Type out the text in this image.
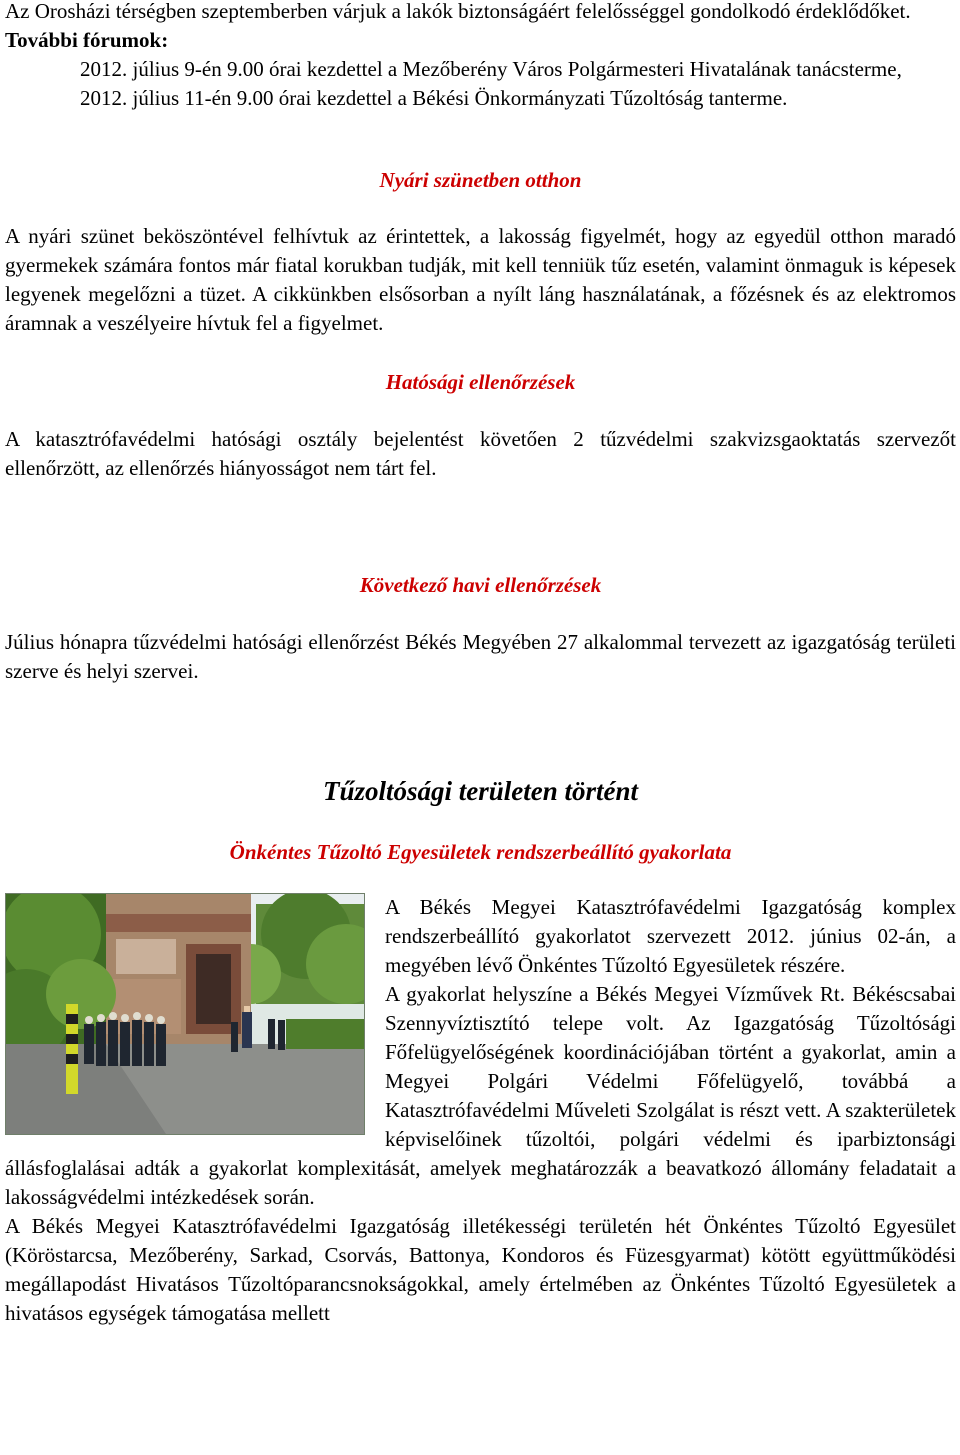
Az Orosházi térségben szeptemberben várjuk a lakók biztonságáért felelősséggel gondolkodó érdeklődőket.

További fórumok:

2012. július 9-én 9.00 órai kezdettel a Mezőberény Város Polgármesteri Hivatalának tanácsterme,

2012. július 11-én 9.00 órai kezdettel a Békési Önkormányzati Tűzoltóság tanterme.

Nyári szünetben otthon

A nyári szünet beköszöntével felhívtuk az érintettek, a lakosság figyelmét, hogy az egyedül otthon maradó gyermekek számára fontos már fiatal korukban tudják, mit kell tenniük tűz esetén, valamint önmaguk is képesek legyenek megelőzni a tüzet. A cikkünkben elsősorban a nyílt láng használatának, a főzésnek és az elektromos áramnak a veszélyeire hívtuk fel a figyelmet.

Hatósági ellenőrzések

A katasztrófavédelmi hatósági osztály bejelentést követően 2 tűzvédelmi szakvizsgaoktatás szervezőt ellenőrzött, az ellenőrzés hiányosságot nem tárt fel.

Következő havi ellenőrzések

Július hónapra tűzvédelmi hatósági ellenőrzést Békés Megyében 27 alkalommal tervezett az igazgatóság területi szerve és helyi szervei.

Tűzoltósági területen történt
Önkéntes Tűzoltó Egyesületek rendszerbeállító gyakorlata

A Békés Megyei Katasztrófavédelmi Igazgatóság komplex rendszerbeállító gyakorlatot szervezett 2012. június 02-án, a megyében lévő Önkéntes Tűzoltó Egyesületek részére.

A gyakorlat helyszíne a Békés Megyei Vízművek Rt. Békéscsabai Szennyvíztisztító telepe volt. Az Igazgatóság Tűzoltósági Főfelügyelőségének koordinációjában történt a gyakorlat, amin a Megyei Polgári Védelmi Főfelügyelő, továbbá a Katasztrófavédelmi Műveleti Szolgálat is részt vett. A szakterületek képviselőinek tűzoltói, polgári védelmi és iparbiztonsági állásfoglalásai adták a gyakorlat komplexitását, amelyek meghatározzák a beavatkozó állomány feladatait a lakosságvédelmi intézkedések során.

A Békés Megyei Katasztrófavédelmi Igazgatóság illetékességi területén hét Önkéntes Tűzoltó Egyesület (Köröstarcsa, Mezőberény, Sarkad, Csorvás, Battonya, Kondoros és Füzesgyarmat) kötött együttműködési megállapodást Hivatásos Tűzoltóparancsnokságokkal, amely értelmében az Önkéntes Tűzoltó Egyesületek a hivatásos egységek támogatása mellett
